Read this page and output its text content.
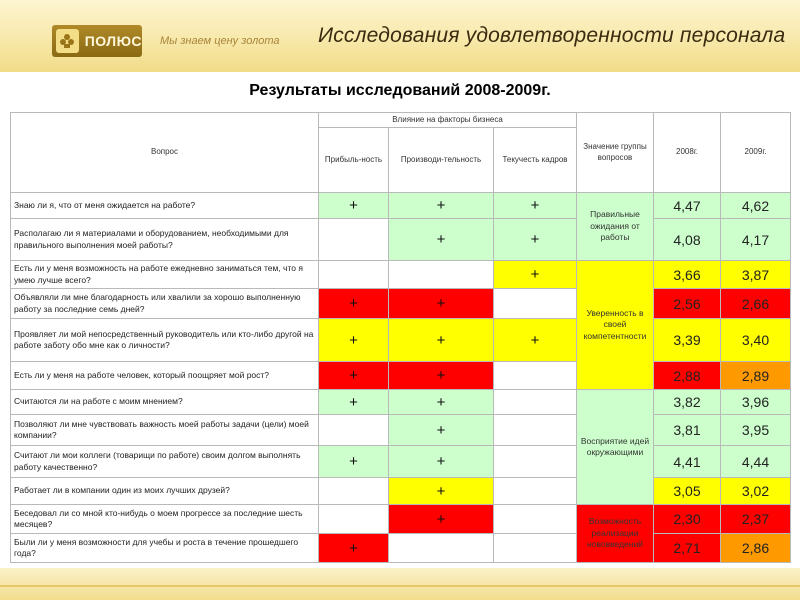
ПОЛЮС Мы знаем цену золота Исследования удовлетворенности персонала
Результаты исследований 2008-2009г.
Вопрос	Влияние на факторы бизнеса			Значение группы вопросов	2008г.	2009г.
	Прибыль-ность	Производи-тельность	Текучесть кадров			
Знаю ли я, что от меня ожидается на работе?	+	+	+	Правильные ожидания от работы	4,47	4,62
Располагаю ли я материалами и оборудованием, необходимыми для правильного выполнения моей работы?		+	+		4,08	4,17
Есть ли у меня возможность на работе ежедневно заниматься тем, что я умею лучше всего?			+	Уверенность в своей компетентности	3,66	3,87
Объявляли ли мне благодарность или хвалили за хорошо выполненную работу за последние семь дней?	+	+			2,56	2,66
Проявляет ли мой непосредственный руководитель или кто-либо другой на работе заботу обо мне как о личности?	+	+	+		3,39	3,40
Есть ли у меня на работе человек, который поощряет мой рост?	+	+			2,88	2,89
Считаются ли на работе с моим мнением?	+	+		Восприятие идей окружающими	3,82	3,96
Позволяют ли мне чувствовать важность моей работы задачи (цели) моей компании?		+			3,81	3,95
Считают ли мои коллеги (товарищи по работе) своим долгом выполнять работу качественно?	+	+			4,41	4,44
Работает ли в компании один из моих лучших друзей?		+			3,05	3,02
Беседовал ли со мной кто-нибудь о моем прогрессе за последние шесть месяцев?		+		Возможность реализации нововведений	2,30	2,37
Были ли у меня возможности для учебы и роста в течение прошедшего года?	+				2,71	2,86
